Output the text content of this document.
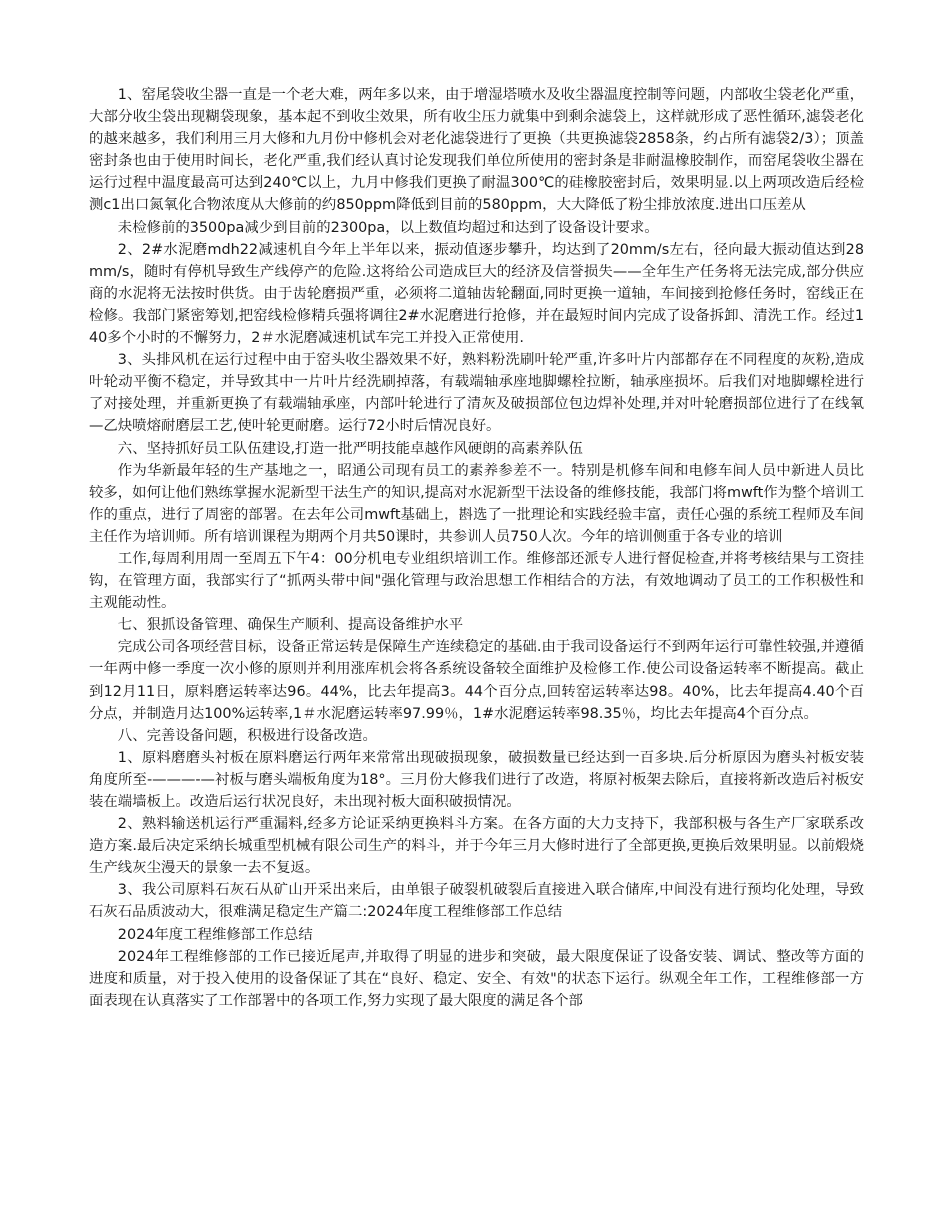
1、窑尾袋收尘器一直是一个老大难，两年多以来，由于增湿塔喷水及收尘器温度控制等问题，内部收尘袋老化严重，大部分收尘袋出现糊袋现象，基本起不到收尘效果，所有收尘压力就集中到剩余滤袋上，这样就形成了恶性循环,滤袋老化的越来越多，我们利用三月大修和九月份中修机会对老化滤袋进行了更换（共更换滤袋2858条，约占所有滤袋2/3）；顶盖密封条也由于使用时间长，老化严重,我们经认真讨论发现我们单位所使用的密封条是非耐温橡胶制作，而窑尾袋收尘器在运行过程中温度最高可达到240℃以上，九月中修我们更换了耐温300℃的硅橡胶密封后，效果明显.以上两项改造后经检测c1出口氮氧化合物浓度从大修前的约850ppm降低到目前的580ppm，大大降低了粉尘排放浓度.进出口压差从

未检修前的3500pa减少到目前的2300pa，以上数值均超过和达到了设备设计要求。

2、2#水泥磨mdh22减速机自今年上半年以来，振动值逐步攀升，均达到了20mm/s左右，径向最大振动值达到28mm/s，随时有停机导致生产线停产的危险.这将给公司造成巨大的经济及信誉损失——全年生产任务将无法完成,部分供应商的水泥将无法按时供货。由于齿轮磨损严重，必须将二道轴齿轮翻面,同时更换一道轴，车间接到抢修任务时，窑线正在检修。我部门紧密筹划,把窑线检修精兵强将调往2#水泥磨进行抢修，并在最短时间内完成了设备拆卸、清洗工作。经过140多个小时的不懈努力，2＃水泥磨减速机试车完工并投入正常使用.

3、头排风机在运行过程中由于窑头收尘器效果不好，熟料粉洗刷叶轮严重,许多叶片内部都存在不同程度的灰粉,造成叶轮动平衡不稳定，并导致其中一片叶片经洗刷掉落，有载端轴承座地脚螺栓拉断，轴承座损坏。后我们对地脚螺栓进行了对接处理，并重新更换了有载端轴承座，内部叶轮进行了清灰及破损部位包边焊补处理,并对叶轮磨损部位进行了在线氧—乙炔喷熔耐磨层工艺,使叶轮更耐磨。运行72小时后情况良好。

六、坚持抓好员工队伍建设,打造一批严明技能卓越作风硬朗的高素养队伍

作为华新最年轻的生产基地之一，昭通公司现有员工的素养参差不一。特别是机修车间和电修车间人员中新进人员比较多，如何让他们熟练掌握水泥新型干法生产的知识,提高对水泥新型干法设备的维修技能，我部门将mwft作为整个培训工作的重点，进行了周密的部署。在去年公司mwft基础上，斟选了一批理论和实践经验丰富，责任心强的系统工程师及车间主任作为培训师。所有培训课程为期两个月共50课时，共参训人员750人次。今年的培训侧重于各专业的培训

工作,每周利用周一至周五下午4：00分机电专业组织培训工作。维修部还派专人进行督促检查,并将考核结果与工资挂钩，在管理方面，我部实行了“抓两头带中间"强化管理与政治思想工作相结合的方法，有效地调动了员工的工作积极性和主观能动性。

七、狠抓设备管理、确保生产顺利、提高设备维护水平

完成公司各项经营目标，设备正常运转是保障生产连续稳定的基础.由于我司设备运行不到两年运行可靠性较强,并遵循一年两中修一季度一次小修的原则并利用涨库机会将各系统设备较全面维护及检修工作.使公司设备运转率不断提高。截止到12月11日，原料磨运转率达96。44%，比去年提高3。44个百分点,回转窑运转率达98。40%，比去年提高4.40个百分点，并制造月达100%运转率,1＃水泥磨运转率97.99％，1#水泥磨运转率98.35％，均比去年提高4个百分点。

八、完善设备问题，积极进行设备改造。

1、原料磨磨头衬板在原料磨运行两年来常常出现破损现象，破损数量已经达到一百多块.后分析原因为磨头衬板安装角度所至-———-—衬板与磨头端板角度为18°。三月份大修我们进行了改造，将原衬板架去除后，直接将新改造后衬板安装在端墙板上。改造后运行状况良好，未出现衬板大面积破损情况。

2、熟料输送机运行严重漏料,经多方论证采纳更换料斗方案。在各方面的大力支持下，我部积极与各生产厂家联系改造方案.最后决定采纳长城重型机械有限公司生产的料斗，并于今年三月大修时进行了全部更换,更换后效果明显。以前煅烧生产线灰尘漫天的景象一去不复返。

3、我公司原料石灰石从矿山开采出来后，由单银子破裂机破裂后直接进入联合储库,中间没有进行预均化处理，导致石灰石品质波动大，很难满足稳定生产篇二:2024年度工程维修部工作总结

2024年度工程维修部工作总结

2024年工程维修部的工作已接近尾声,并取得了明显的进步和突破，最大限度保证了设备安装、调试、整改等方面的进度和质量，对于投入使用的设备保证了其在“良好、稳定、安全、有效"的状态下运行。纵观全年工作，工程维修部一方面表现在认真落实了工作部署中的各项工作,努力实现了最大限度的满足各个部
